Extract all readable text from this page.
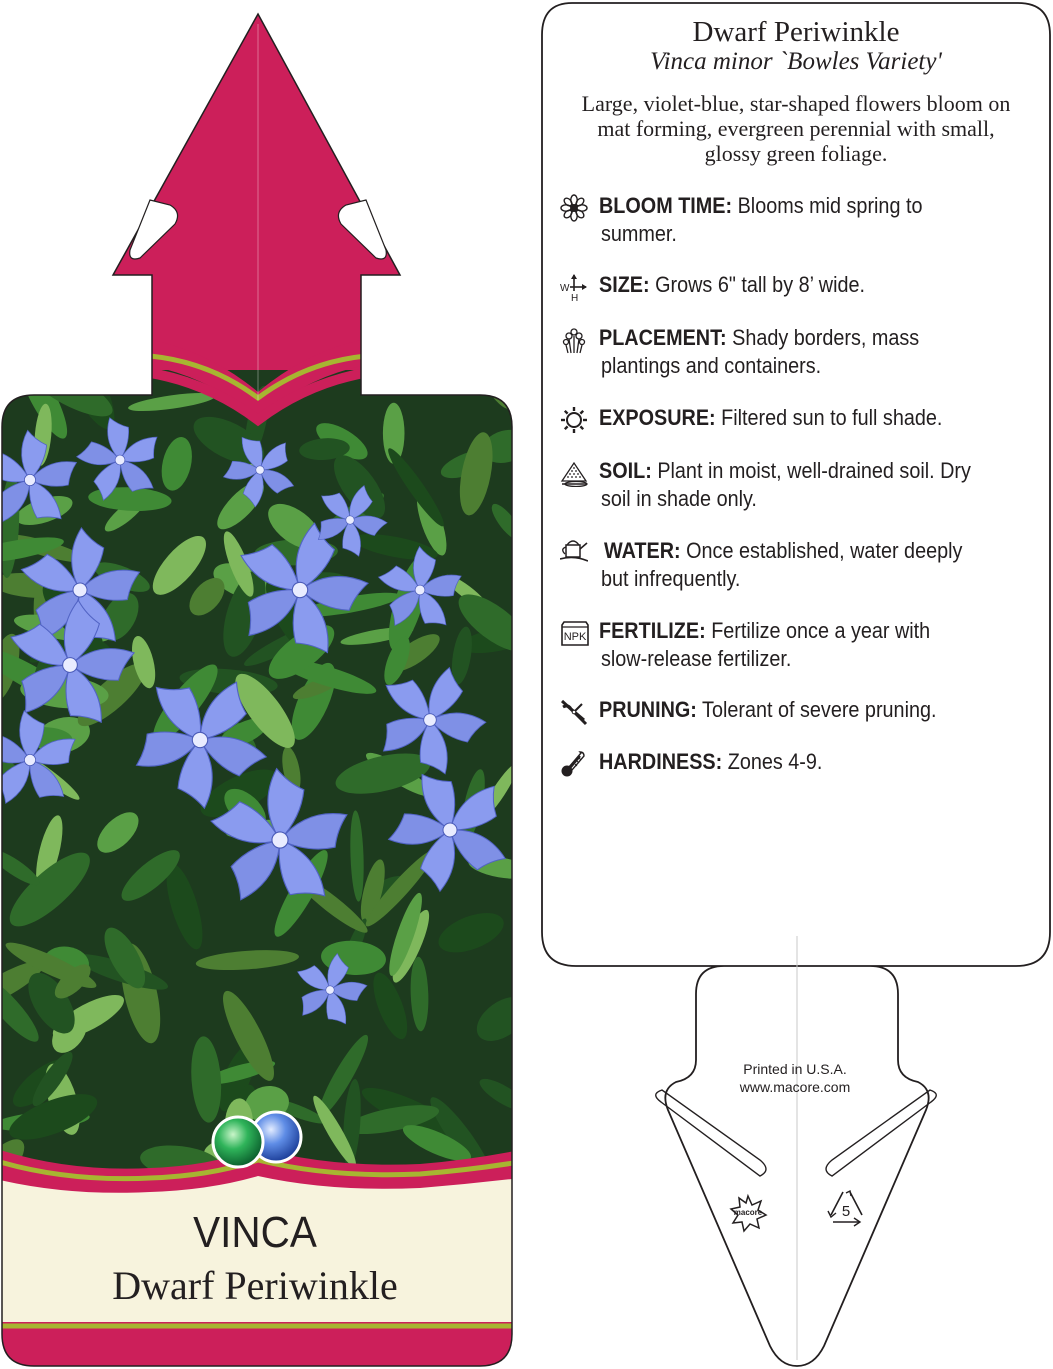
macore	5
VINCA
Dwarf Periwinkle
Dwarf Periwinkle
Vinca minor `Bowles Variety'
Large, violet-blue, star-shaped flowers bloom on
mat forming, evergreen perennial with small,
glossy green foliage.
BLOOM TIME: Blooms mid spring to
summer.
W
H
SIZE: Grows 6" tall by 8’ wide.
PLACEMENT: Shady borders, mass
plantings and containers.
EXPOSURE: Filtered sun to full shade.
SOIL: Plant in moist, well-drained soil. Dry
soil in shade only.
WATER: Once established, water deeply
but infrequently.
NPK FERTILIZE: Fertilize once a year with
slow-release fertilizer.
PRUNING: Tolerant of severe pruning.
HARDINESS: Zones 4-9.
Printed in U.S.A.
www.macore.com
